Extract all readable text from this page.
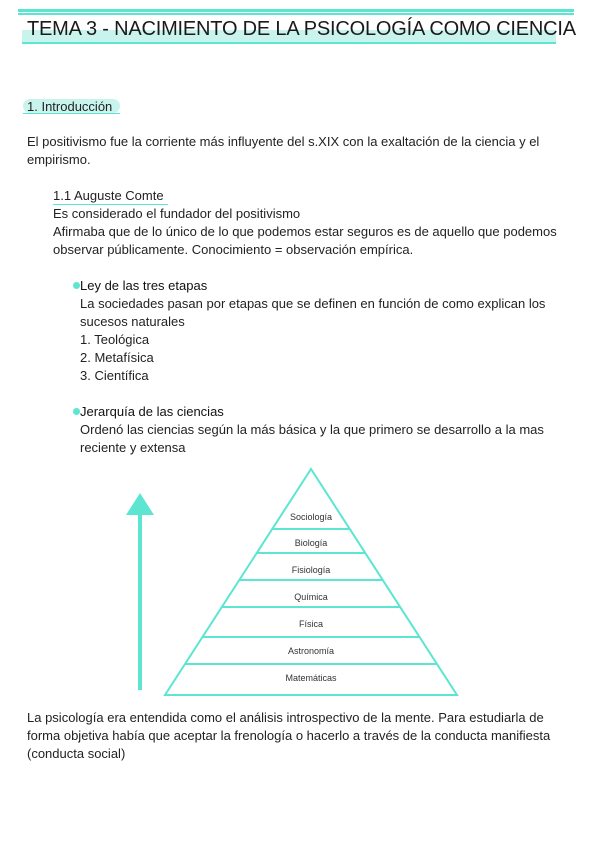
TEMA 3 - NACIMIENTO DE LA PSICOLOGÍA COMO CIENCIA
1. Introducción
El positivismo fue la corriente más influyente del s.XIX con la exaltación de la ciencia y el
empirismo.
1.1 Auguste Comte
Es considerado el fundador del positivismo
Afirmaba que de lo único de lo que podemos estar seguros es de aquello que podemos
observar públicamente. Conocimiento = observación empírica.
Ley de las tres etapas
La sociedades pasan por etapas que se definen en función de como explican los
sucesos naturales
1. Teológica
2. Metafísica
3. Científica
Jerarquía de las ciencias
Ordenó las ciencias según la más básica y la que primero se desarrollo a la mas
reciente y extensa
Sociología
Biología
Fisiología
Química
Física
Astronomía
Matemáticas
La psicología era entendida como el análisis introspectivo de la mente. Para estudiarla de
forma objetiva había que aceptar la frenología o hacerlo a través de la conducta manifiesta
(conducta social)
